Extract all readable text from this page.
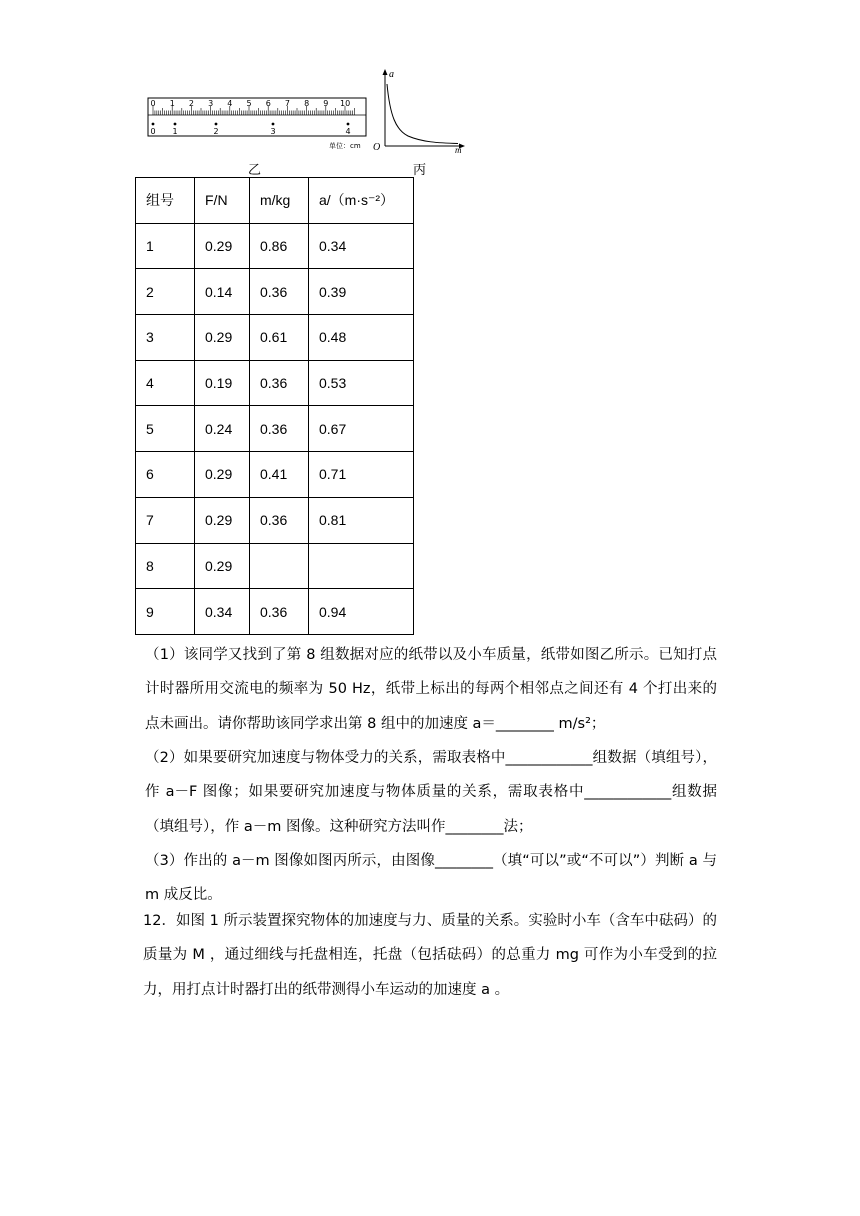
0 1 2 3 4 5 6 7 8 9 10
0 1	2	3	4
单位：cm
a
O	m
乙	丙
组号	F/N	m/kg	a/（m·s⁻²）
1	0.29	0.86	0.34
2	0.14	0.36	0.39
3	0.29	0.61	0.48
4	0.19	0.36	0.53
5	0.24	0.36	0.67
6	0.29	0.41	0.71
7	0.29	0.36	0.81
8	0.29		
9	0.34	0.36	0.94

（1）该同学又找到了第 8 组数据对应的纸带以及小车质量，纸带如图乙所示。已知打点计时器所用交流电的频率为 50 Hz，纸带上标出的每两个相邻点之间还有 4 个打出来的点未画出。请你帮助该同学求出第 8 组中的加速度 a＝________ m/s²；

（2）如果要研究加速度与物体受力的关系，需取表格中____________组数据（填组号），作 a－F 图像；如果要研究加速度与物体质量的关系，需取表格中____________组数据（填组号），作 a－m 图像。这种研究方法叫作________法；

（3）作出的 a－m 图像如图丙所示，由图像________（填“可以”或“不可以”）判断 a 与 m 成反比。

12．如图 1 所示装置探究物体的加速度与力、质量的关系。实验时小车（含车中砝码）的质量为 M ，通过细线与托盘相连，托盘（包括砝码）的总重力 mg 可作为小车受到的拉力，用打点计时器打出的纸带测得小车运动的加速度 a 。
